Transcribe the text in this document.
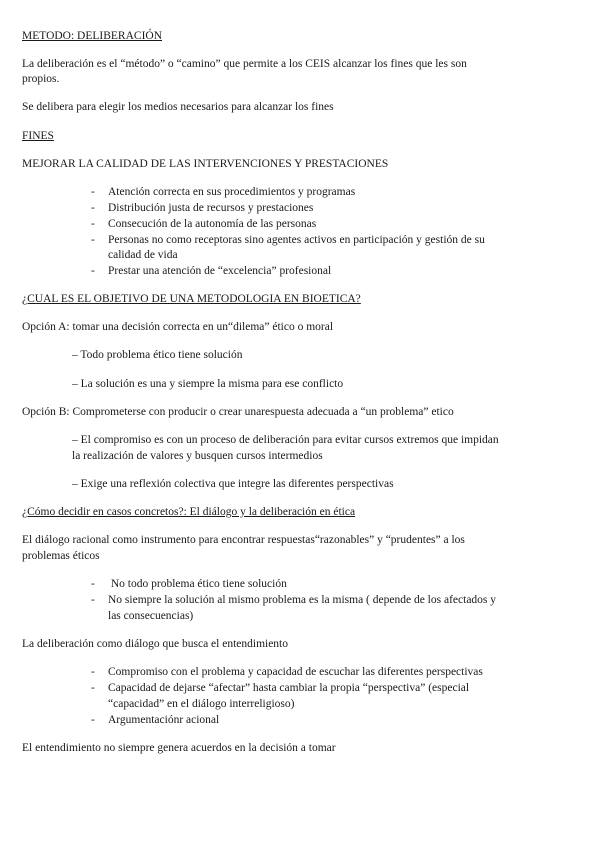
METODO: DELIBERACIÓN
La deliberación es el “método” o “camino” que permite a los CEIS alcanzar los fines que les son
propios.
Se delibera para elegir los medios necesarios para alcanzar los fines
FINES
MEJORAR LA CALIDAD DE LAS INTERVENCIONES Y PRESTACIONES
- Atención correcta en sus procedimientos y programas
- Distribución justa de recursos y prestaciones
- Consecución de la autonomía de las personas
- Personas no como receptoras sino agentes activos en participación y gestión de su
calidad de vida
- Prestar una atención de “excelencia” profesional
¿CUAL ES EL OBJETIVO DE UNA METODOLOGIA EN BIOETICA?
Opción A: tomar una decisión correcta en un“dilema” ético o moral
– Todo problema ético tiene solución
– La solución es una y siempre la misma para ese conflicto
Opción B: Comprometerse con producir o crear unarespuesta adecuada a “un problema” etico
– El compromiso es con un proceso de deliberación para evitar cursos extremos que impidan
la realización de valores y busquen cursos intermedios
– Exige una reflexión colectiva que integre las diferentes perspectivas
¿Cómo decidir en casos concretos?: El diálogo y la deliberación en ética
El diálogo racional como instrumento para encontrar respuestas“razonables” y “prudentes” a los
problemas éticos
- No todo problema ético tiene solución
- No siempre la solución al mismo problema es la misma ( depende de los afectados y
las consecuencias)
La deliberación como diálogo que busca el entendimiento
- Compromiso con el problema y capacidad de escuchar las diferentes perspectivas
- Capacidad de dejarse “afectar” hasta cambiar la propia “perspectiva” (especial
“capacidad” en el diálogo interreligioso)
- Argumentaciónr acional
El entendimiento no siempre genera acuerdos en la decisión a tomar
